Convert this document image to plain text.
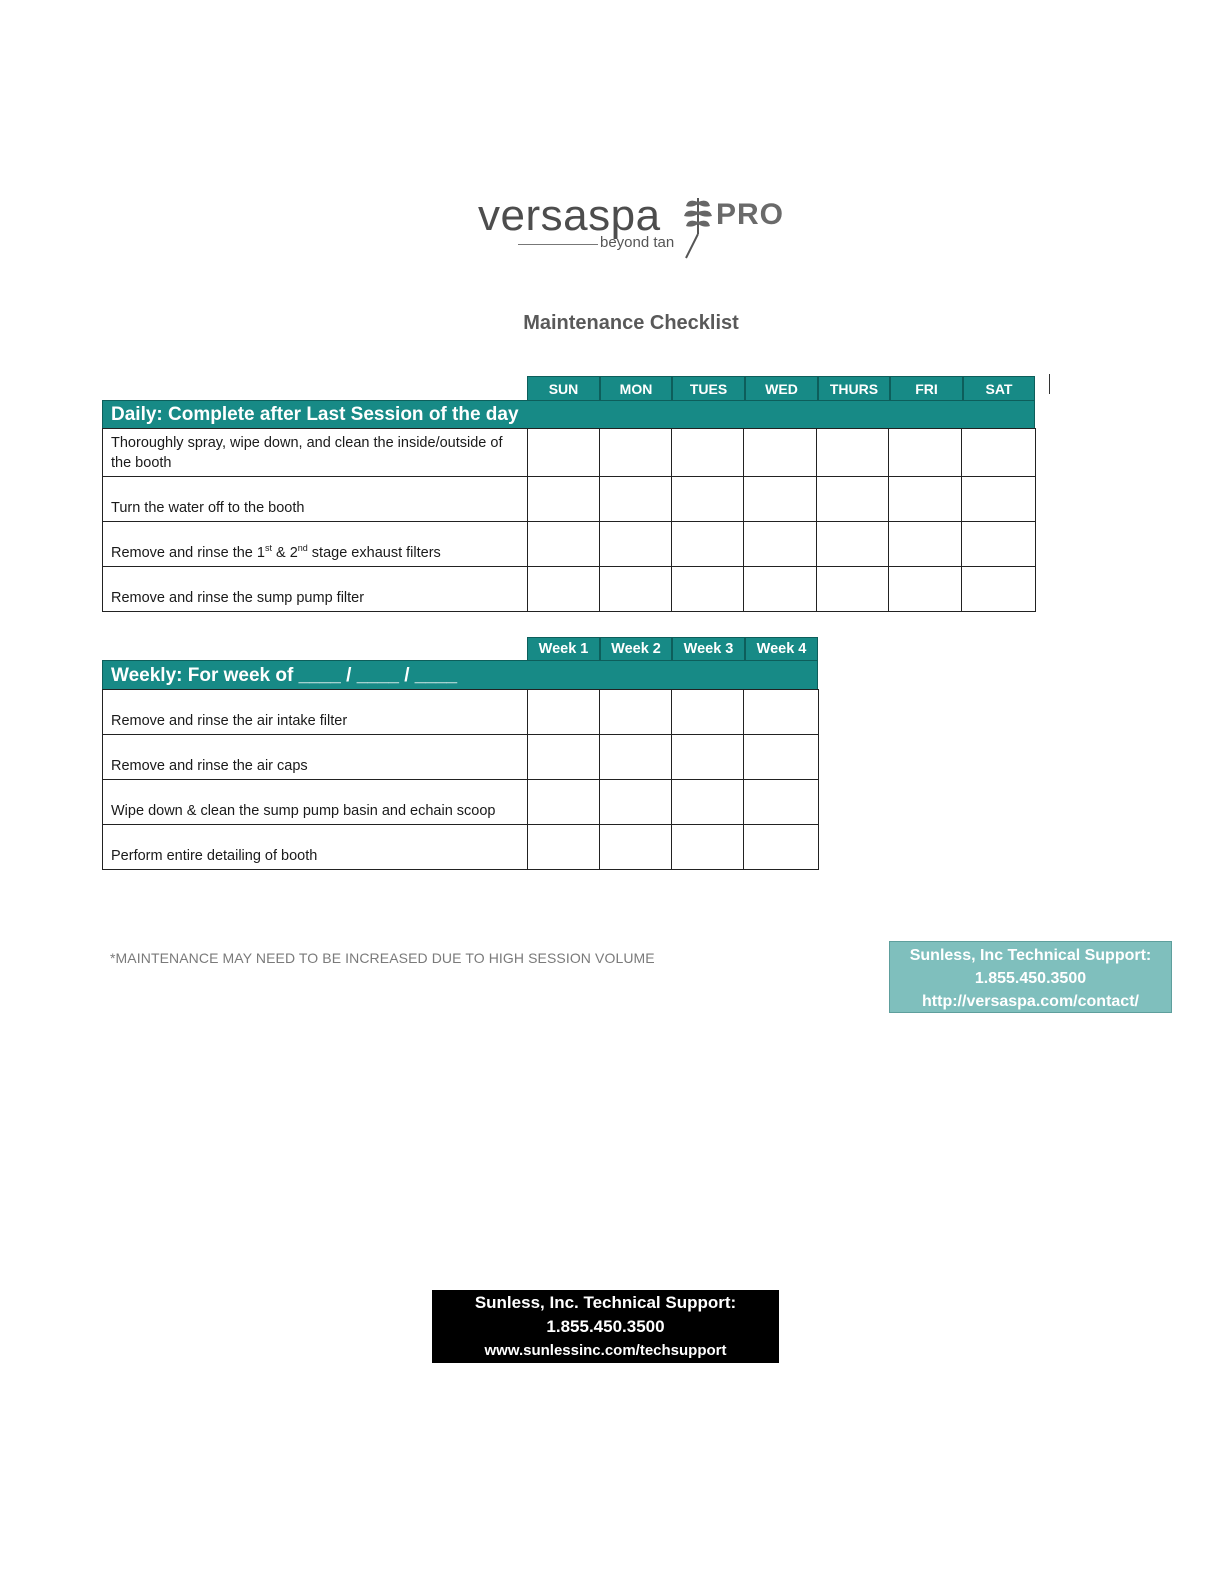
versaspa PRO
beyond tan
Maintenance Checklist
SUN	MON	TUES	WED	THURS	FRI	SAT
Daily: Complete after Last Session of the day
Thoroughly spray, wipe down, and clean the inside/outside of the booth							
Turn the water off to the booth							
Remove and rinse the 1st & 2nd stage exhaust filters							
Remove and rinse the sump pump filter							
Week 1	Week 2	Week 3	Week 4
Weekly: For week of ____ / ____ / ____
Remove and rinse the air intake filter				
Remove and rinse the air caps				
Wipe down & clean the sump pump basin and echain scoop				
Perform entire detailing of booth				
*MAINTENANCE MAY NEED TO BE INCREASED DUE TO HIGH SESSION VOLUME	Sunless, Inc Technical Support:
1.855.450.3500
http://versaspa.com/contact/
Sunless, Inc. Technical Support:
1.855.450.3500
www.sunlessinc.com/techsupport
